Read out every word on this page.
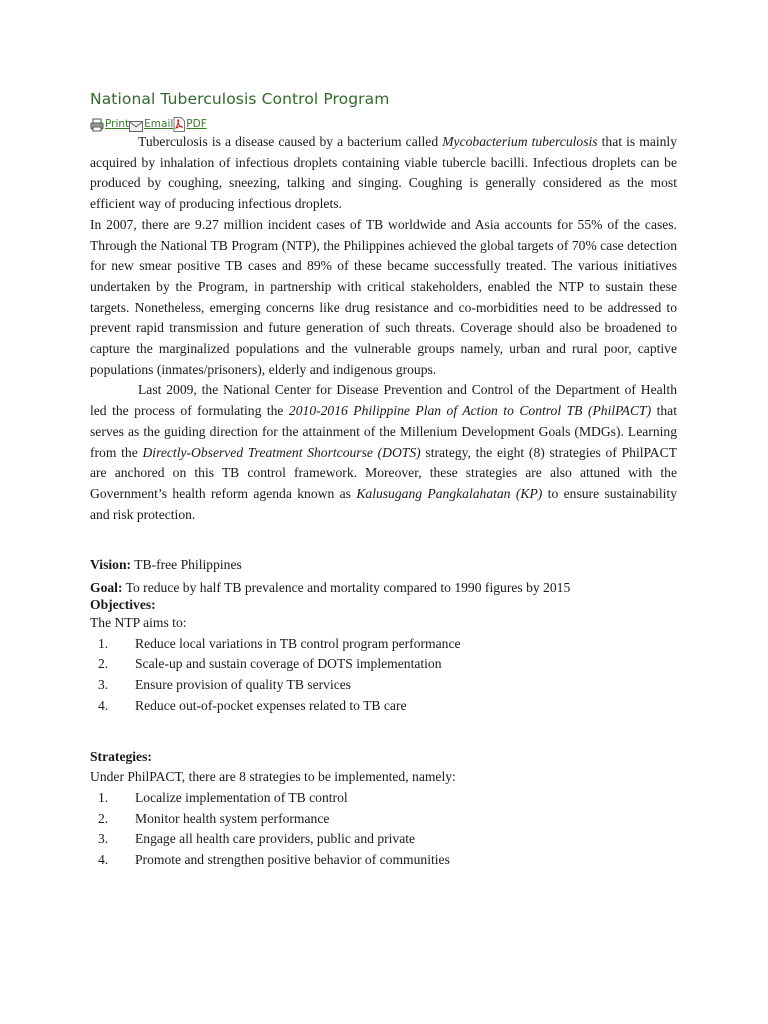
National Tuberculosis Control Program
Print Email PDF

Tuberculosis is a disease caused by a bacterium called Mycobacterium tuberculosis that is mainly acquired by inhalation of infectious droplets containing viable tubercle bacilli. Infectious droplets can be produced by coughing, sneezing, talking and singing. Coughing is generally considered as the most efficient way of producing infectious droplets.

In 2007, there are 9.27 million incident cases of TB worldwide and Asia accounts for 55% of the cases. Through the National TB Program (NTP), the Philippines achieved the global targets of 70% case detection for new smear positive TB cases and 89% of these became successfully treated. The various initiatives undertaken by the Program, in partnership with critical stakeholders, enabled the NTP to sustain these targets. Nonetheless, emerging concerns like drug resistance and co-morbidities need to be addressed to prevent rapid transmission and future generation of such threats. Coverage should also be broadened to capture the marginalized populations and the vulnerable groups namely, urban and rural poor, captive populations (inmates/prisoners), elderly and indigenous groups.

Last 2009, the National Center for Disease Prevention and Control of the Department of Health led the process of formulating the 2010-2016 Philippine Plan of Action to Control TB (PhilPACT) that serves as the guiding direction for the attainment of the Millenium Development Goals (MDGs). Learning from the Directly-Observed Treatment Shortcourse (DOTS) strategy, the eight (8) strategies of PhilPACT are anchored on this TB control framework. Moreover, these strategies are also attuned with the Government’s health reform agenda known as Kalusugang Pangkalahatan (KP) to ensure sustainability and risk protection.

Vision: TB-free Philippines

Goal: To reduce by half TB prevalence and mortality compared to 1990 figures by 2015

Objectives:

The NTP aims to:

1.	Reduce local variations in TB control program performance
2.	Scale-up and sustain coverage of DOTS implementation
3.	Ensure provision of quality TB services
4.	Reduce out-of-pocket expenses related to TB care

Strategies:

Under PhilPACT, there are 8 strategies to be implemented, namely:

1.	Localize implementation of TB control
2.	Monitor health system performance
3.	Engage all health care providers, public and private
4.	Promote and strengthen positive behavior of communities
